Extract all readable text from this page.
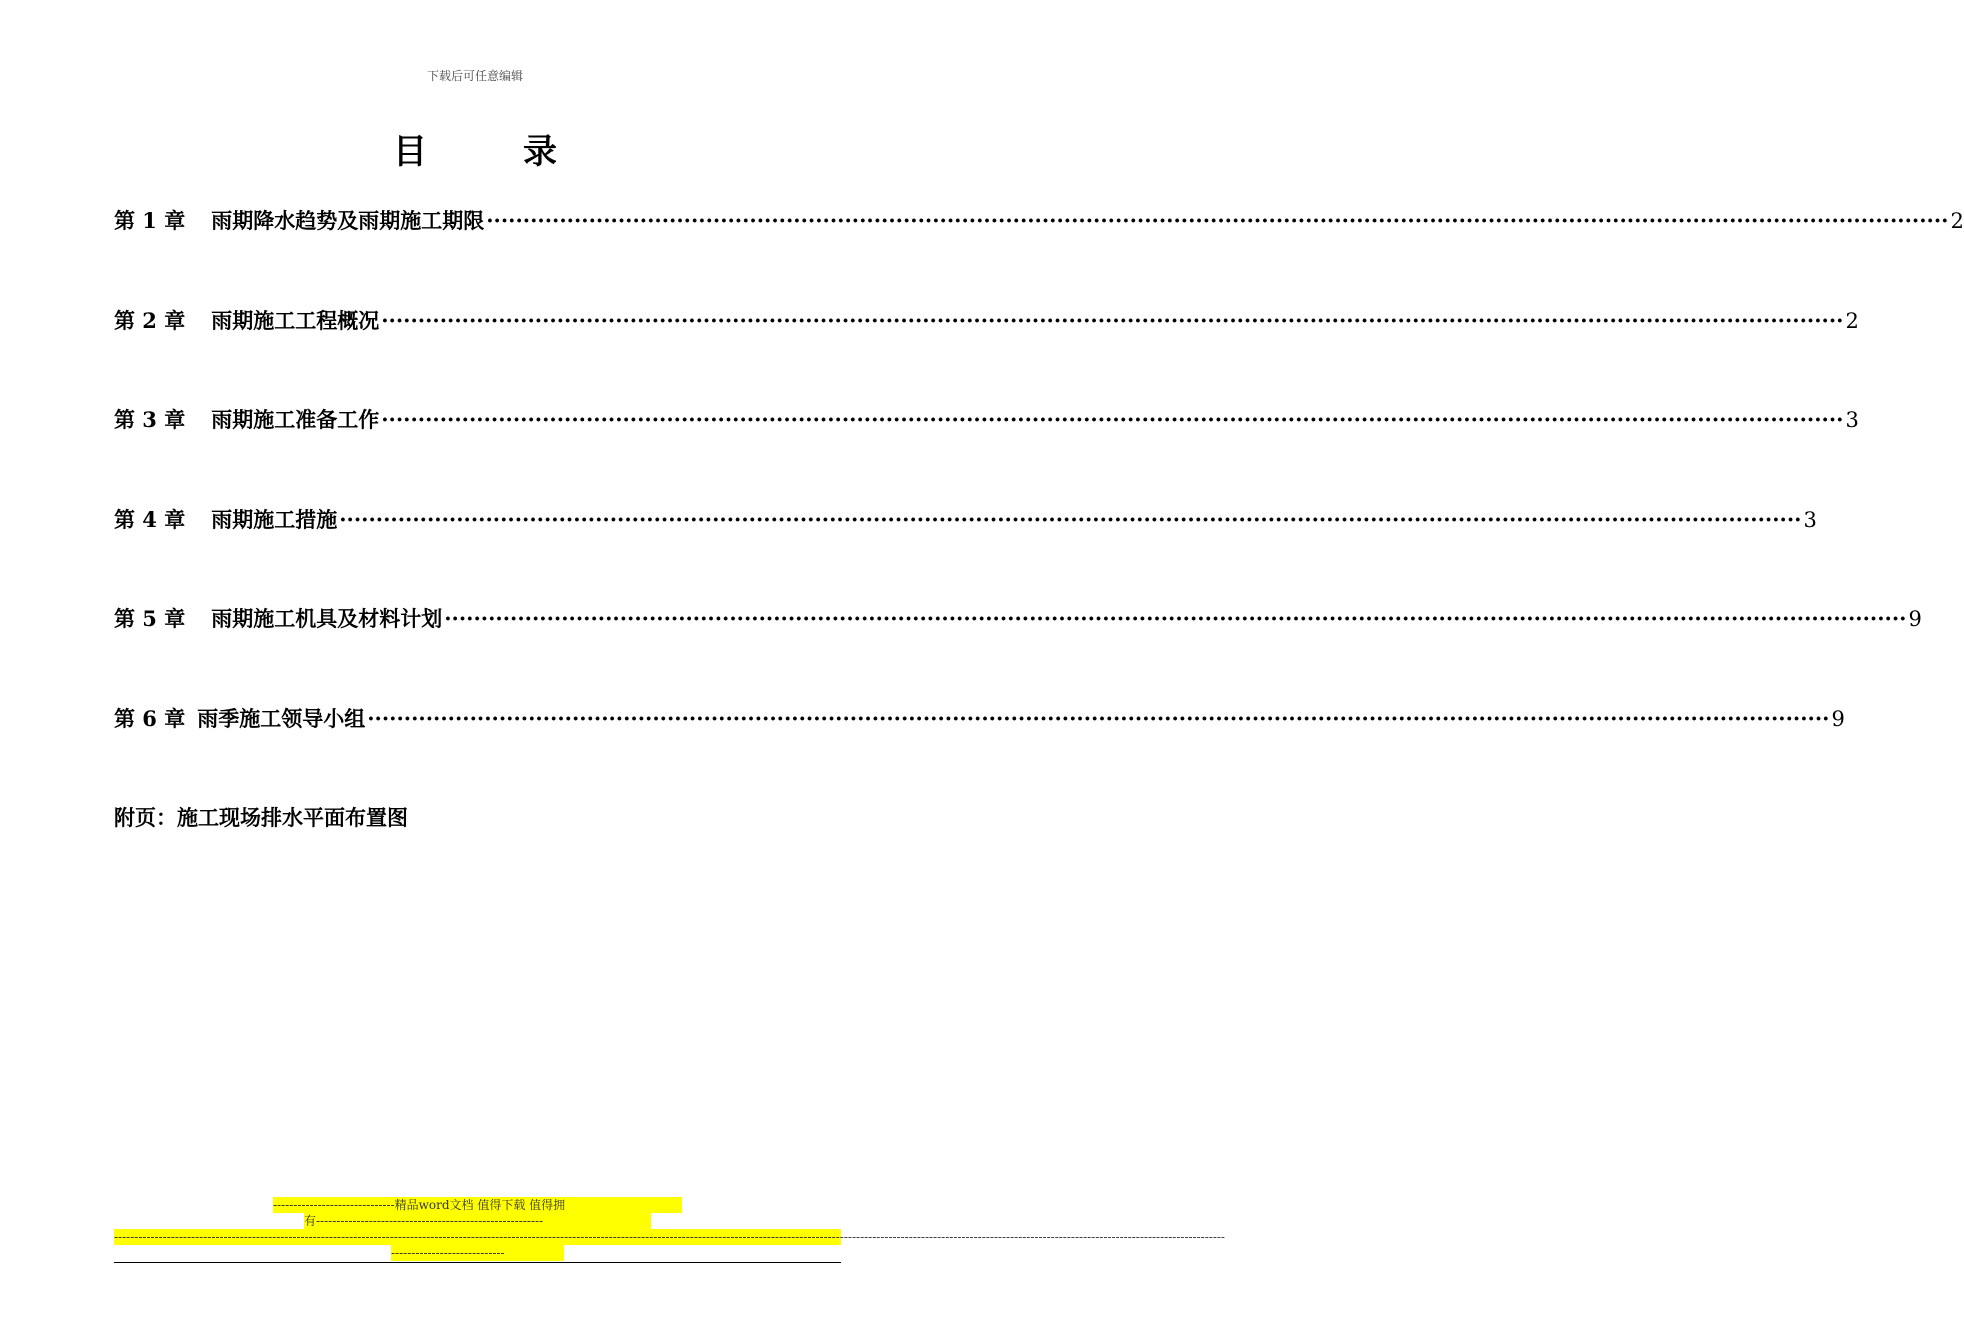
下载后可任意编辑
目	录
第 1 章 雨期降水趋势及雨期施工期限 ········································································································································································································ 2
第 2 章 雨期施工工程概况 ········································································································································································································ 2
第 3 章 雨期施工准备工作 ········································································································································································································ 3
第 4 章 雨期施工措施 ········································································································································································································ 3
第 5 章 雨期施工机具及材料计划 ········································································································································································································ 9
第 6 章 雨季施工领导小组 ········································································································································································································ 9
附页：施工现场排水平面布置图
------------------------------精品word文档 值得下载 值得拥
有--------------------------------------------------------
----------------------------------------------------------------------------------------------------------------------------------------------------------------------------------------------------------------------------------------------------------------------------------
----------------------------
